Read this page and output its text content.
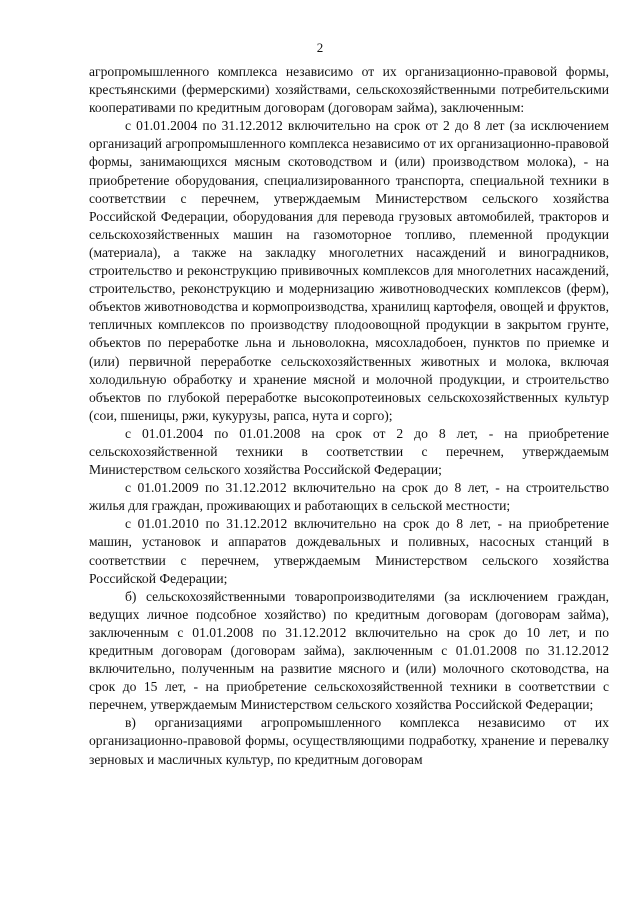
2

агропромышленного комплекса независимо от их организационно-правовой формы, крестьянскими (фермерскими) хозяйствами, сельскохозяйственными потребительскими кооперативами по кредитным договорам (договорам займа), заключенным:

с 01.01.2004 по 31.12.2012 включительно на срок от 2 до 8 лет (за исключением организаций агропромышленного комплекса независимо от их организационно-правовой формы, занимающихся мясным скотоводством и (или) производством молока), - на приобретение оборудования, специализированного транспорта, специальной техники в соответствии с перечнем, утверждаемым Министерством сельского хозяйства Российской Федерации, оборудования для перевода грузовых автомобилей, тракторов и сельскохозяйственных машин на газомоторное топливо, племенной продукции (материала), а также на закладку многолетних насаждений и виноградников, строительство и реконструкцию прививочных комплексов для многолетних насаждений, строительство, реконструкцию и модернизацию животноводческих комплексов (ферм), объектов животноводства и кормопроизводства, хранилищ картофеля, овощей и фруктов, тепличных комплексов по производству плодоовощной продукции в закрытом грунте, объектов по переработке льна и льноволокна, мясохладобоен, пунктов по приемке и (или) первичной переработке сельскохозяйственных животных и молока, включая холодильную обработку и хранение мясной и молочной продукции, и строительство объектов по глубокой переработке высокопротеиновых сельскохозяйственных культур (сои, пшеницы, ржи, кукурузы, рапса, нута и сорго);

с 01.01.2004 по 01.01.2008 на срок от 2 до 8 лет, - на приобретение сельскохозяйственной техники в соответствии с перечнем, утверждаемым Министерством сельского хозяйства Российской Федерации;

с 01.01.2009 по 31.12.2012 включительно на срок до 8 лет, - на строительство жилья для граждан, проживающих и работающих в сельской местности;

с 01.01.2010 по 31.12.2012 включительно на срок до 8 лет, - на приобретение машин, установок и аппаратов дождевальных и поливных, насосных станций в соответствии с перечнем, утверждаемым Министерством сельского хозяйства Российской Федерации;

б) сельскохозяйственными товаропроизводителями (за исключением граждан, ведущих личное подсобное хозяйство) по кредитным договорам (договорам займа), заключенным с 01.01.2008 по 31.12.2012 включительно на срок до 10 лет, и по кредитным договорам (договорам займа), заключенным с 01.01.2008 по 31.12.2012 включительно, полученным на развитие мясного и (или) молочного скотоводства, на срок до 15 лет, - на приобретение сельскохозяйственной техники в соответствии с перечнем, утверждаемым Министерством сельского хозяйства Российской Федерации;

в) организациями агропромышленного комплекса независимо от их организационно-правовой формы, осуществляющими подработку, хранение и перевалку зерновых и масличных культур, по кредитным договорам
